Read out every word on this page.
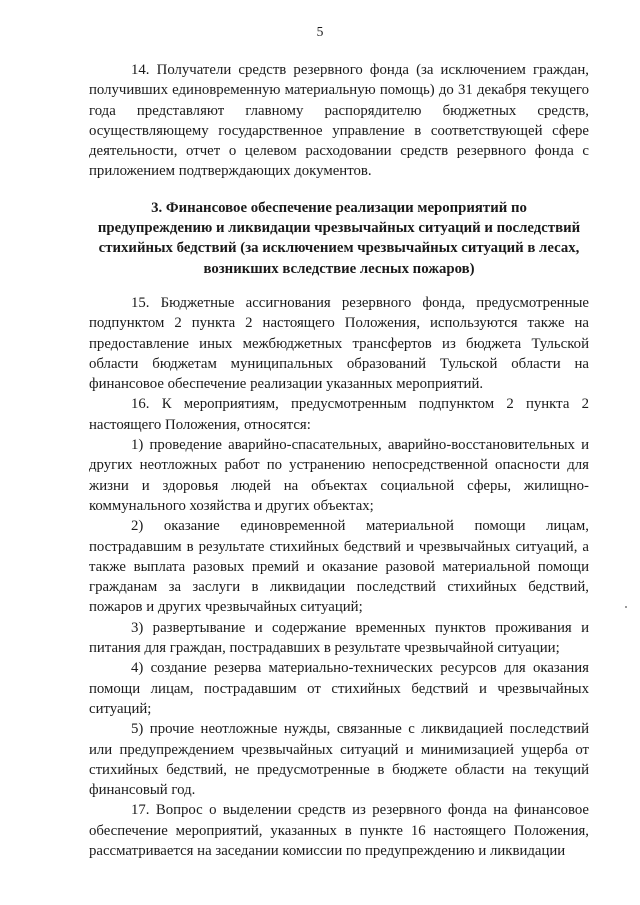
5

14. Получатели средств резервного фонда (за исключением граждан, получивших единовременную материальную помощь) до 31 декабря текущего года представляют главному распорядителю бюджетных средств, осуществляющему государственное управление в соответствующей сфере деятельности, отчет о целевом расходовании средств резервного фонда с приложением подтверждающих документов.

3. Финансовое обеспечение реализации мероприятий по
предупреждению и ликвидации чрезвычайных ситуаций и последствий
стихийных бедствий (за исключением чрезвычайных ситуаций в лесах,
возникших вследствие лесных пожаров)

15. Бюджетные ассигнования резервного фонда, предусмотренные подпунктом 2 пункта 2 настоящего Положения, используются также на предоставление иных межбюджетных трансфертов из бюджета Тульской области бюджетам муниципальных образований Тульской области на финансовое обеспечение реализации указанных мероприятий.

16. К мероприятиям, предусмотренным подпунктом 2 пункта 2 настоящего Положения, относятся:

1) проведение аварийно-спасательных, аварийно-восстановительных и других неотложных работ по устранению непосредственной опасности для жизни и здоровья людей на объектах социальной сферы, жилищно-коммунального хозяйства и других объектах;

2) оказание единовременной материальной помощи лицам, пострадавшим в результате стихийных бедствий и чрезвычайных ситуаций, а также выплата разовых премий и оказание разовой материальной помощи гражданам за заслуги в ликвидации последствий стихийных бедствий, пожаров и других чрезвычайных ситуаций;

3) развертывание и содержание временных пунктов проживания и питания для граждан, пострадавших в результате чрезвычайной ситуации;

4) создание резерва материально-технических ресурсов для оказания помощи лицам, пострадавшим от стихийных бедствий и чрезвычайных ситуаций;

5) прочие неотложные нужды, связанные с ликвидацией последствий или предупреждением чрезвычайных ситуаций и минимизацией ущерба от стихийных бедствий, не предусмотренные в бюджете области на текущий финансовый год.

17. Вопрос о выделении средств из резервного фонда на финансовое обеспечение мероприятий, указанных в пункте 16 настоящего Положения, рассматривается на заседании комиссии по предупреждению и ликвидации
